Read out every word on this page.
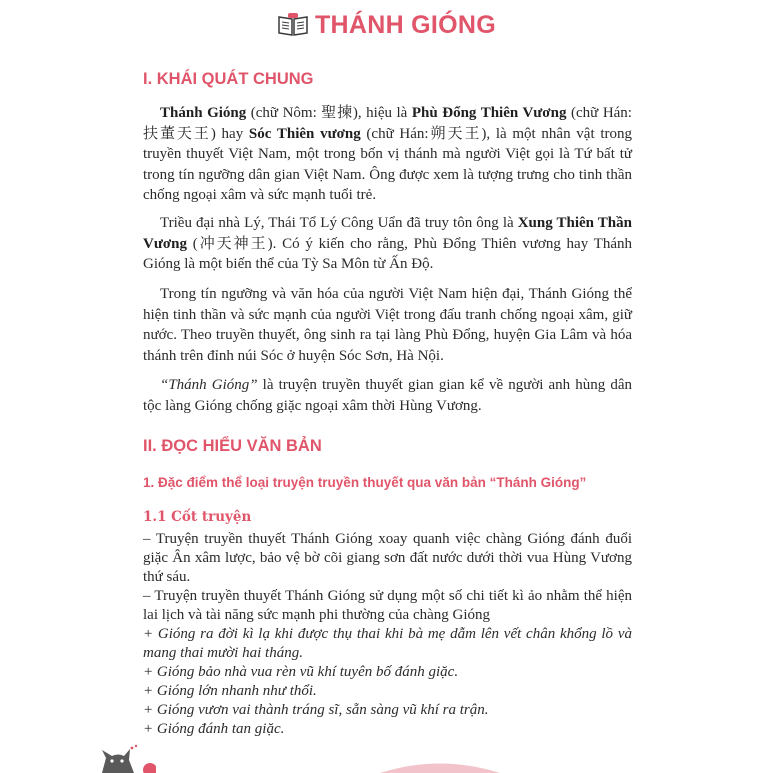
THÁNH GIÓNG
I. KHÁI QUÁT CHUNG

Thánh Gióng (chữ Nôm: 聖揀), hiệu là Phù Đổng Thiên Vương (chữ Hán: 扶董天王) hay Sóc Thiên vương (chữ Hán:朔天王), là một nhân vật trong truyền thuyết Việt Nam, một trong bốn vị thánh mà người Việt gọi là Tứ bất tử trong tín ngưỡng dân gian Việt Nam. Ông được xem là tượng trưng cho tinh thần chống ngoại xâm và sức mạnh tuổi trẻ.

Triều đại nhà Lý, Thái Tổ Lý Công Uẩn đã truy tôn ông là Xung Thiên Thần Vương (冲天神王). Có ý kiến cho rằng, Phù Đổng Thiên vương hay Thánh Gióng là một biến thể của Tỳ Sa Môn từ Ấn Độ.

Trong tín ngưỡng và văn hóa của người Việt Nam hiện đại, Thánh Gióng thể hiện tinh thần và sức mạnh của người Việt trong đấu tranh chống ngoại xâm, giữ nước. Theo truyền thuyết, ông sinh ra tại làng Phù Đổng, huyện Gia Lâm và hóa thánh trên đỉnh núi Sóc ở huyện Sóc Sơn, Hà Nội.

“Thánh Gióng” là truyện truyền thuyết gian gian kể về người anh hùng dân tộc làng Gióng chống giặc ngoại xâm thời Hùng Vương.

II. ĐỌC HIỂU VĂN BẢN
1. Đặc điểm thể loại truyện truyền thuyết qua văn bản “Thánh Gióng”
1.1 Cốt truyện
– Truyện truyền thuyết Thánh Gióng xoay quanh việc chàng Gióng đánh đuổi giặc Ân xâm lược, bảo vệ bờ cõi giang sơn đất nước dưới thời vua Hùng Vương thứ sáu.
– Truyện truyền thuyết Thánh Gióng sử dụng một số chi tiết kì ảo nhằm thể hiện lai lịch và tài năng sức mạnh phi thường của chàng Gióng
+ Gióng ra đời kì lạ khi được thụ thai khi bà mẹ dẫm lên vết chân khổng lồ và mang thai mười hai tháng.
+ Gióng bảo nhà vua rèn vũ khí tuyên bố đánh giặc.
+ Gióng lớn nhanh như thổi.
+ Gióng vươn vai thành tráng sĩ, sẵn sàng vũ khí ra trận.
+ Gióng đánh tan giặc.
